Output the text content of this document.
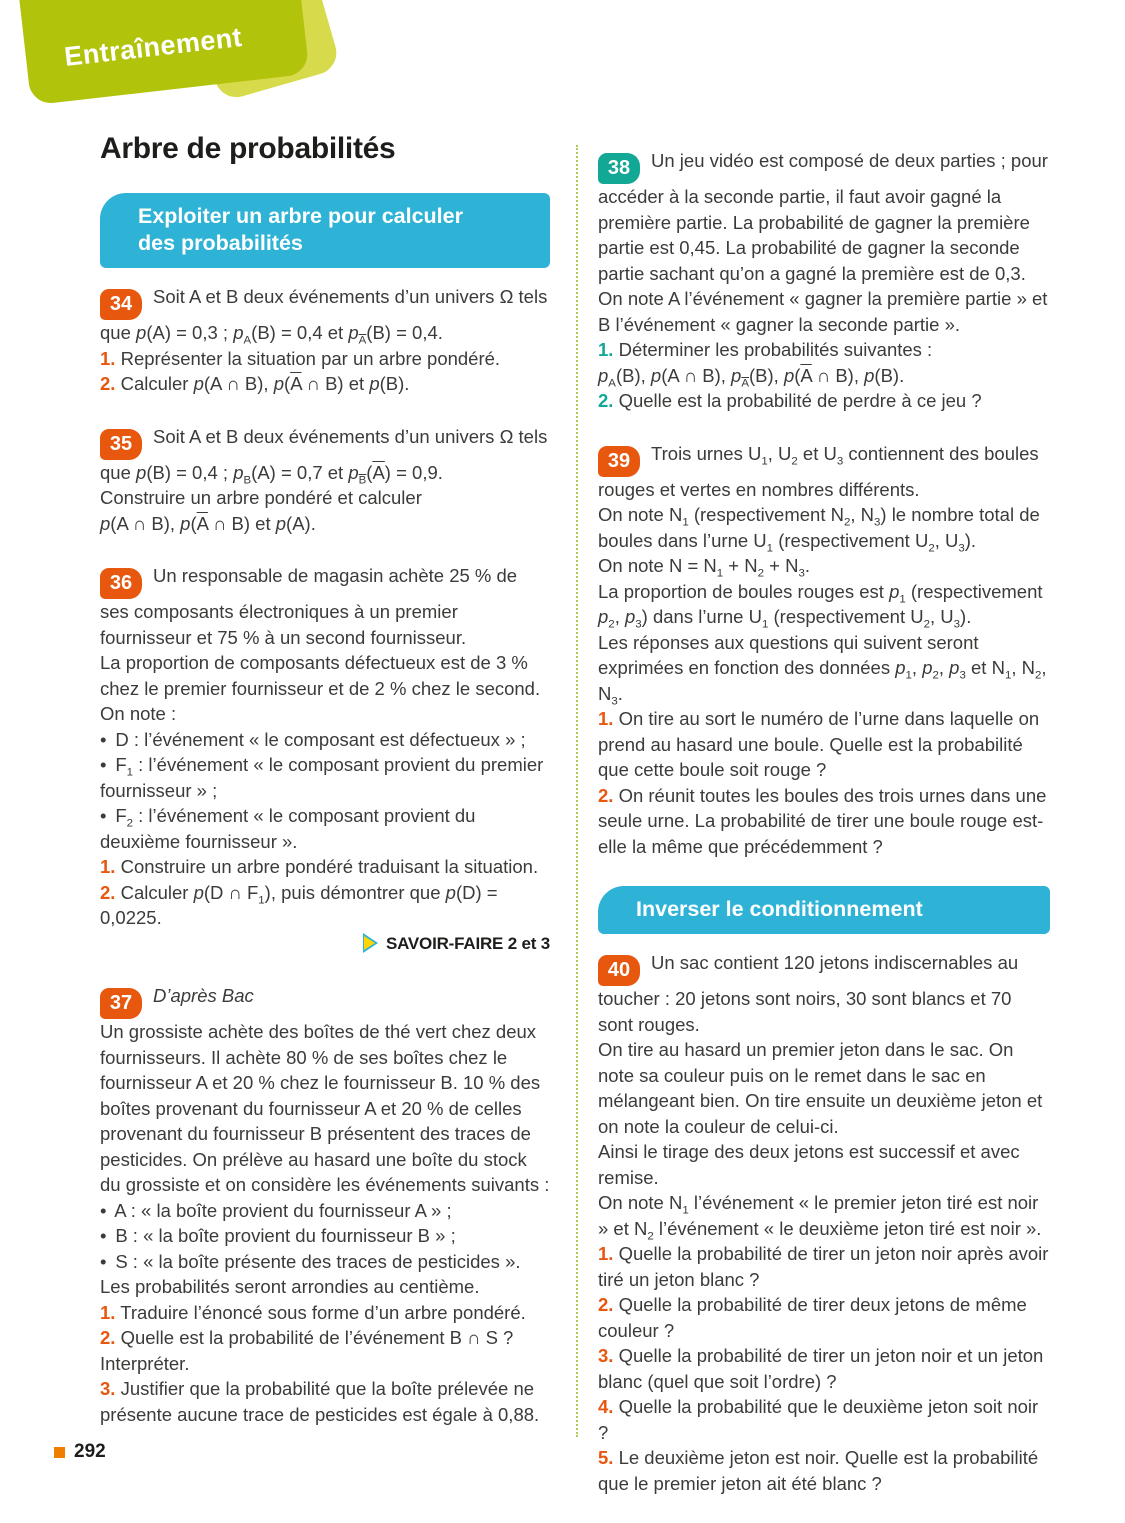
Entraînement
Arbre de probabilités
Exploiter un arbre pour calculer
des probabilités

34 Soit A et B deux événements d’un univers Ω tels que p(A) = 0,3 ; $p_A(B) = 0,4$ et $p_{\overline{A}}(B) = 0,4$.

1. Représenter la situation par un arbre pondéré.

2. Calculer p(A ∩ B), $p(\overline{A}$ ∩ B) et p(B).

35 Soit A et B deux événements d’un univers Ω tels que p(B) = 0,4 ; $p_B(A) = 0,7$ et $p_{\overline{B}}(\overline{A}) = 0,9$.

Construire un arbre pondéré et calculer

p(A ∩ B), $p(\overline{A}$ ∩ B) et p(A).

36 Un responsable de magasin achète 25 % de ses composants électroniques à un premier fournisseur et 75 % à un second fournisseur.

La proportion de composants défectueux est de 3 % chez le premier fournisseur et de 2 % chez le second.

On note :

•  D : l’événement « le composant est défectueux » ;

•  $F_1$ : l’événement « le composant provient du premier fournisseur » ;

•  $F_2$ : l’événement « le composant provient du deuxième fournisseur ».

1. Construire un arbre pondéré traduisant la situation.

2. Calculer p(D ∩ $F_1$), puis démontrer que p(D) = 0,0225.

SAVOIR-FAIRE 2 et 3

37 D’après Bac

Un grossiste achète des boîtes de thé vert chez deux fournisseurs. Il achète 80 % de ses boîtes chez le fournisseur A et 20 % chez le fournisseur B. 10 % des boîtes provenant du fournisseur A et 20 % de celles provenant du fournisseur B présentent des traces de pesticides. On prélève au hasard une boîte du stock du grossiste et on considère les événements suivants :

•  A : « la boîte provient du fournisseur A » ;

•  B : « la boîte provient du fournisseur B » ;

•  S : « la boîte présente des traces de pesticides ».

Les probabilités seront arrondies au centième.

1. Traduire l’énoncé sous forme d’un arbre pondéré.

2. Quelle est la probabilité de l’événement B ∩ S ? Interpréter.

3. Justifier que la probabilité que la boîte prélevée ne présente aucune trace de pesticides est égale à 0,88.

38 Un jeu vidéo est composé de deux parties ; pour accéder à la seconde partie, il faut avoir gagné la première partie. La probabilité de gagner la première partie est 0,45. La probabilité de gagner la seconde partie sachant qu’on a gagné la première est de 0,3.

On note A l’événement « gagner la première partie » et B l’événement « gagner la seconde partie ».

1. Déterminer les probabilités suivantes :

$p_A(B)$, p(A ∩ B), $p_{\overline{A}}(B)$, $p(\overline{A}$ ∩ B), p(B).

2. Quelle est la probabilité de perdre à ce jeu ?

39 Trois urnes $U_1$, $U_2$ et $U_3$ contiennent des boules rouges et vertes en nombres différents.

On note $N_1$ (respectivement $N_2$, $N_3$) le nombre total de boules dans l’urne $U_1$ (respectivement $U_2$, $U_3$).

On note $N = N_1 + N_2 + N_3$.

La proportion de boules rouges est $p_1$ (respectivement $p_2$, $p_3$) dans l’urne $U_1$ (respectivement $U_2$, $U_3$).

Les réponses aux questions qui suivent seront exprimées en fonction des données $p_1$, $p_2$, $p_3$ et $N_1$, $N_2$, $N_3$.

1. On tire au sort le numéro de l’urne dans laquelle on prend au hasard une boule. Quelle est la probabilité que cette boule soit rouge ?

2. On réunit toutes les boules des trois urnes dans une seule urne. La probabilité de tirer une boule rouge est-elle la même que précédemment ?

Inverser le conditionnement

40 Un sac contient 120 jetons indiscernables au toucher : 20 jetons sont noirs, 30 sont blancs et 70 sont rouges.

On tire au hasard un premier jeton dans le sac. On note sa couleur puis on le remet dans le sac en mélangeant bien. On tire ensuite un deuxième jeton et on note la couleur de celui-ci.

Ainsi le tirage des deux jetons est successif et avec remise.

On note $N_1$ l’événement « le premier jeton tiré est noir » et $N_2$ l’événement « le deuxième jeton tiré est noir ».

1. Quelle la probabilité de tirer un jeton noir après avoir tiré un jeton blanc ?

2. Quelle la probabilité de tirer deux jetons de même couleur ?

3. Quelle la probabilité de tirer un jeton noir et un jeton blanc (quel que soit l’ordre) ?

4. Quelle la probabilité que le deuxième jeton soit noir ?

5. Le deuxième jeton est noir. Quelle est la probabilité que le premier jeton ait été blanc ?

292
